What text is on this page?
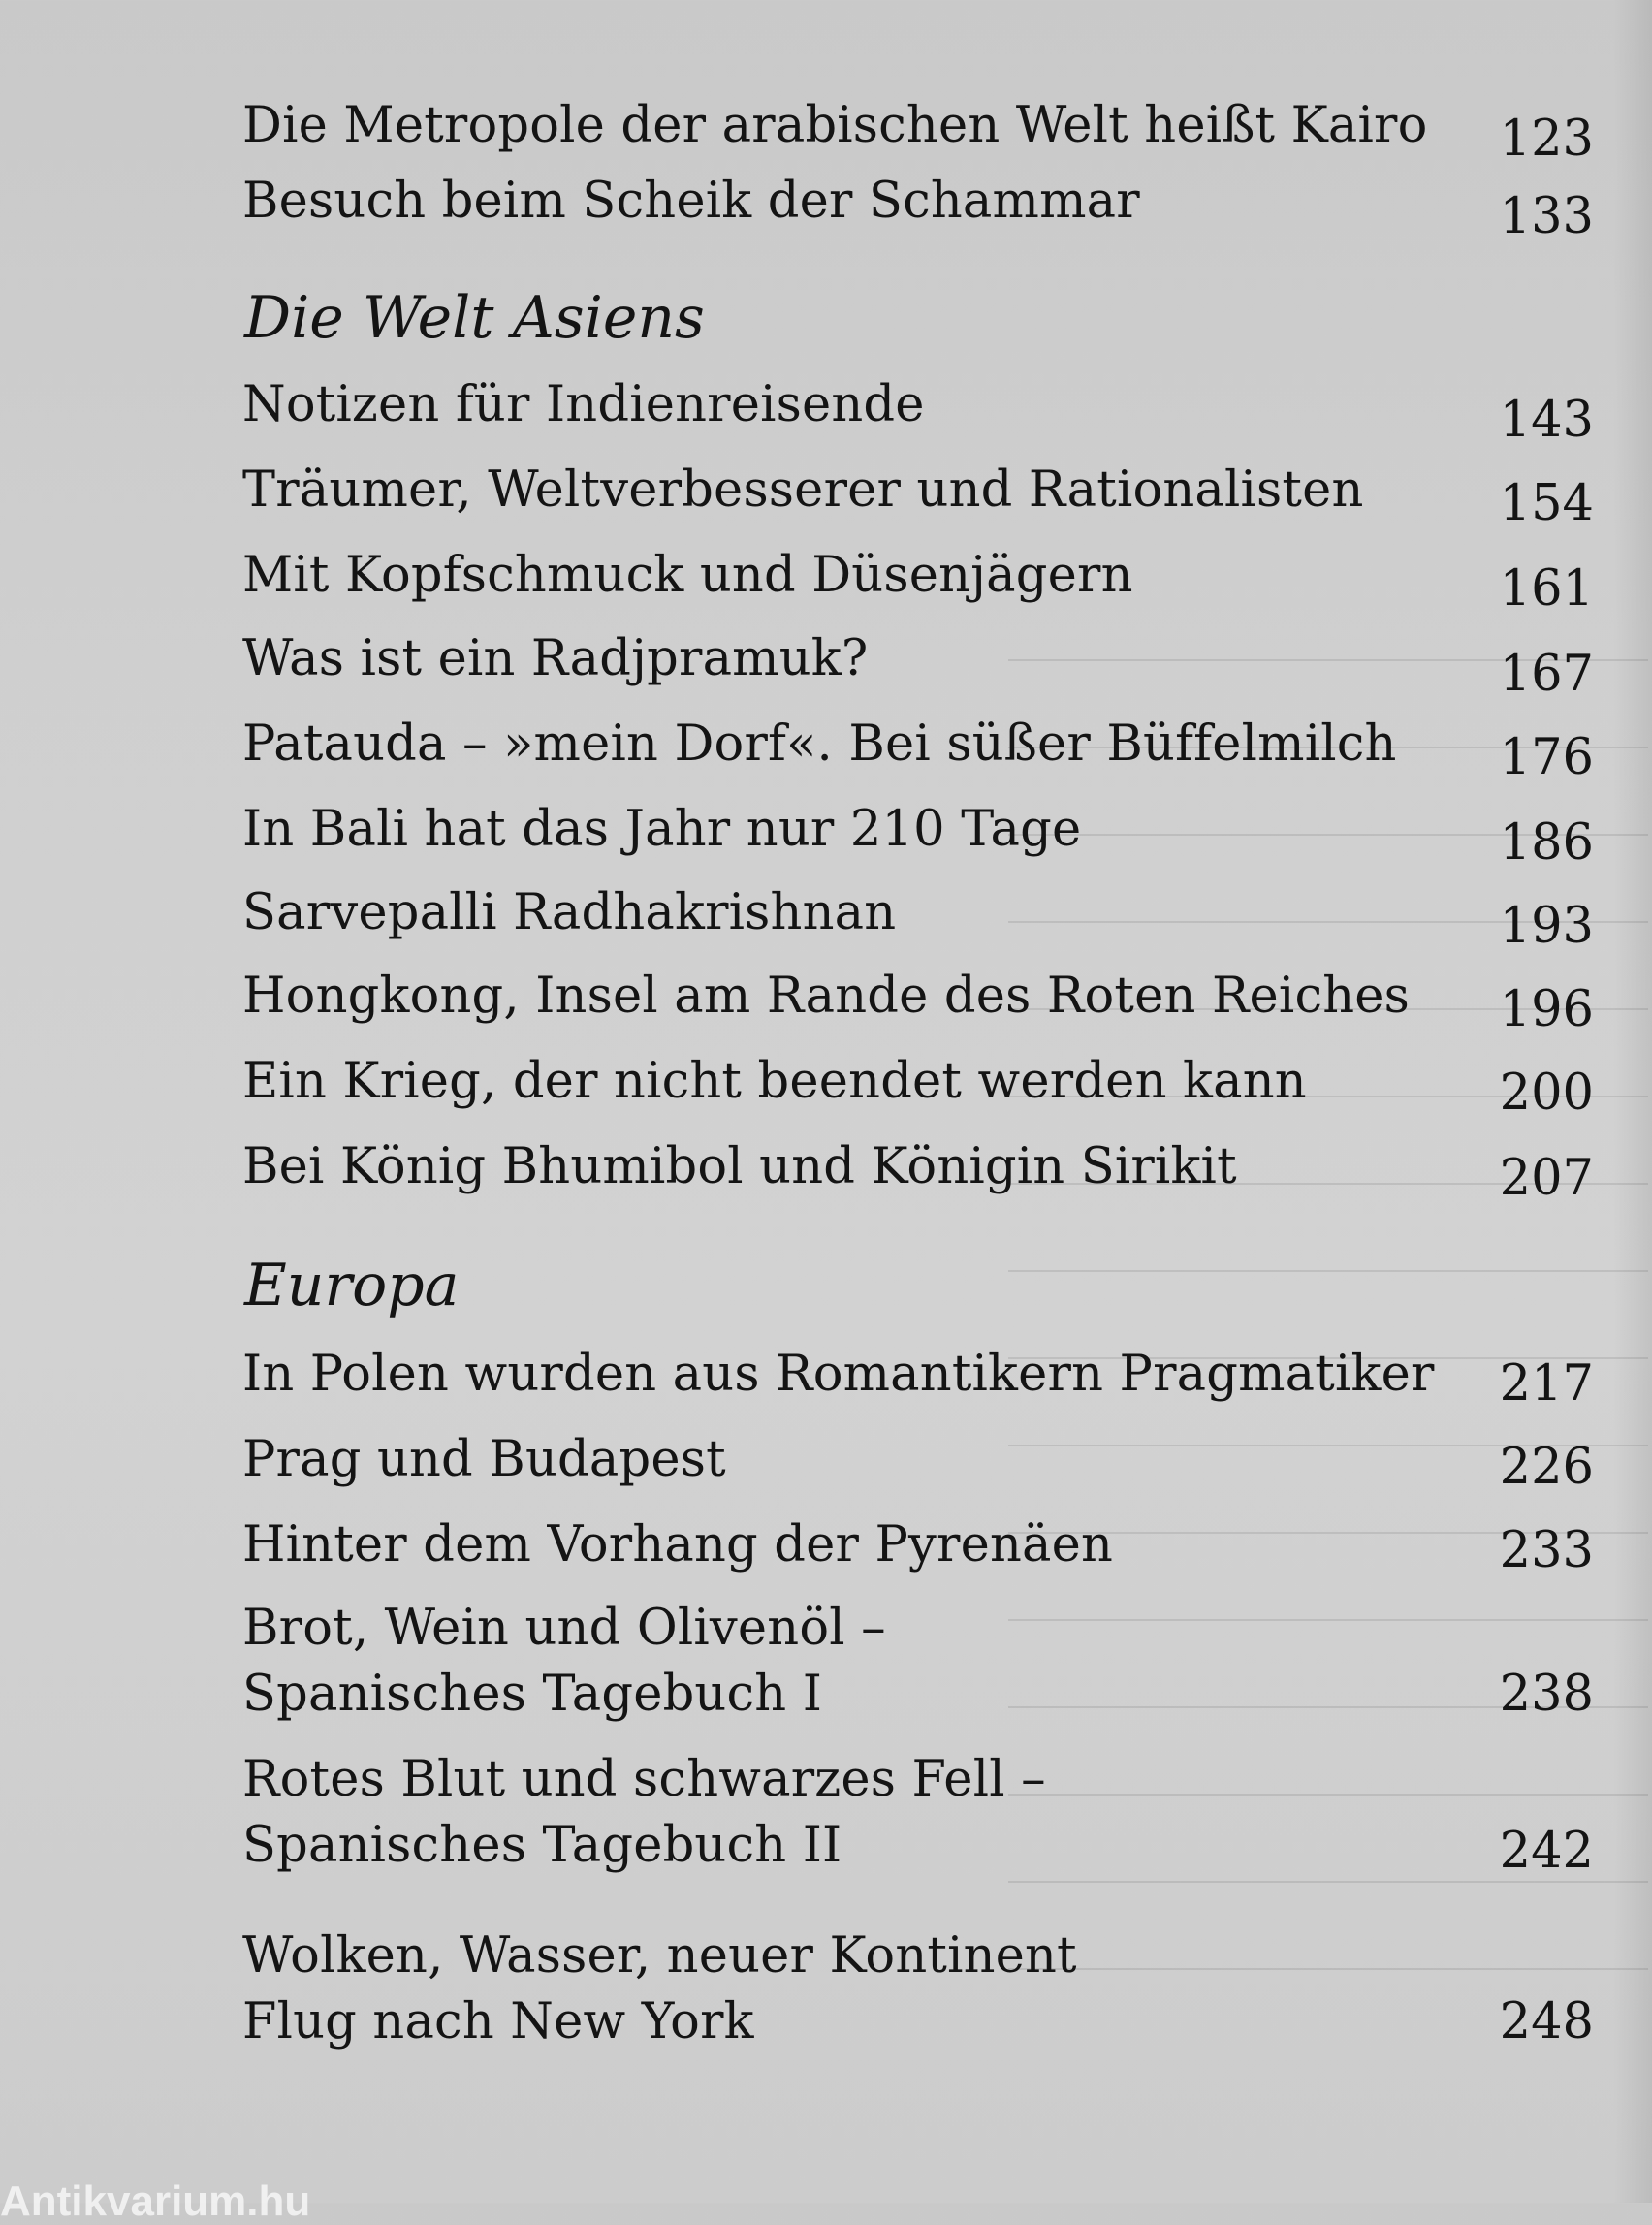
Die Metropole der arabischen Welt heißt Kairo	123
Besuch beim Scheik der Schammar	133
Die Welt Asiens
Notizen für Indienreisende	143
Träumer, Weltverbesserer und Rationalisten	154
Mit Kopfschmuck und Düsenjägern	161
Was ist ein Radjpramuk?	167
Patauda – »mein Dorf«. Bei süßer Büffelmilch	176
In Bali hat das Jahr nur 210 Tage	186
Sarvepalli Radhakrishnan	193
Hongkong, Insel am Rande des Roten Reiches	196
Ein Krieg, der nicht beendet werden kann	200
Bei König Bhumibol und Königin Sirikit	207
Europa
In Polen wurden aus Romantikern Pragmatiker	217
Prag und Budapest	226
Hinter dem Vorhang der Pyrenäen	233
Brot, Wein und Olivenöl –
Spanisches Tagebuch I	238
Rotes Blut und schwarzes Fell –
Spanisches Tagebuch II	242
Wolken, Wasser, neuer Kontinent
Flug nach New York	248
Antikvarium.hu
